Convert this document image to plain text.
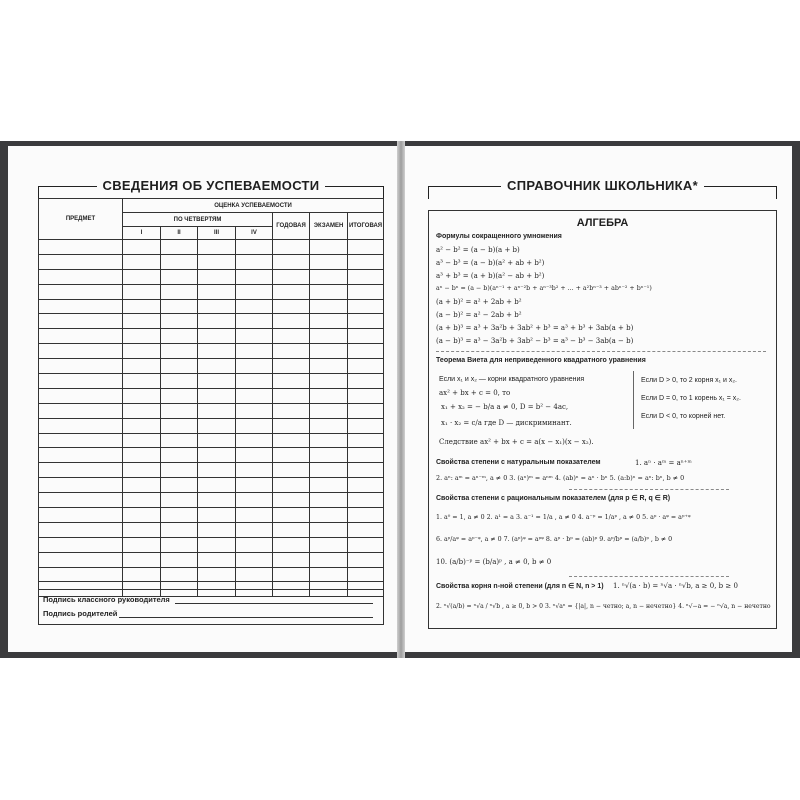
СВЕДЕНИЯ ОБ УСПЕВАЕМОСТИ
ПРЕДМЕТ	ОЦЕНКА УСПЕВАЕМОСТИ						
	ПО ЧЕТВЕРТЯМ				ГОДОВАЯ	ЭКЗАМЕН	ИТОГОВАЯ
	I	II	III	IV			

Подпись классного руководителя
Подпись родителей
СПРАВОЧНИК ШКОЛЬНИКА*
АЛГЕБРА
Формулы сокращенного умножения
a² − b² = (a − b)(a + b)
a³ − b³ = (a − b)(a² + ab + b²)
a³ + b³ = (a + b)(a² − ab + b²)
aⁿ − bⁿ = (a − b)(aⁿ⁻¹ + aⁿ⁻²b + aⁿ⁻³b² + ... + a²bⁿ⁻³ + abⁿ⁻² + bⁿ⁻¹)
(a + b)² = a² + 2ab + b²
(a − b)² = a² − 2ab + b²
(a + b)³ = a³ + 3a²b + 3ab² + b³ = a³ + b³ + 3ab(a + b)
(a − b)³ = a³ − 3a²b + 3ab² − b³ = a³ − b³ − 3ab(a − b)
Теорема Виета для неприведенного квадратного уравнения
Если x₁ и x₂ — корни квадратного уравнения
ax² + bx + c = 0, то
x₁ + x₂ = − b/a a ≠ 0, D = b² − 4ac,
x₁ · x₂ = c/a где D — дискриминант.
Следствие ax² + bx + c = a(x − x₁)(x − x₂).
Если D > 0, то 2 корня x₁ и x₂.
Если D = 0, то 1 корень x₁ = x₂.
Если D < 0, то корней нет.
Свойства степени с натуральным показателем	1. aⁿ · aᵐ = aⁿ⁺ᵐ
2. aⁿ: aᵐ = aⁿ⁻ᵐ, a ≠ 0 3. (aⁿ)ᵐ = aⁿᵐ 4. (ab)ⁿ = aⁿ · bⁿ 5. (a:b)ⁿ = aⁿ: bⁿ, b ≠ 0
Свойства степени с рациональным показателем (для p ∈ R, q ∈ R)
1. a⁰ = 1, a ≠ 0 2. a¹ = a 3. a⁻¹ = 1/a , a ≠ 0 4. a⁻ᵖ = 1/aᵖ , a ≠ 0 5. aᵖ · aᵠ = aᵖ⁺ᵠ
6. aᵖ/aᵠ = aᵖ⁻ᵠ, a ≠ 0 7. (aᵖ)ᵠ = aᵖᵠ 8. aᵖ · bᵖ = (ab)ᵖ 9. aᵖ/bᵖ = (a/b)ᵖ , b ≠ 0
10. (a/b)⁻ᵖ = (b/a)ᵖ , a ≠ 0, b ≠ 0
Свойства корня n-ной степени (для n ∈ N, n > 1) 1. ⁿ√(a · b) = ⁿ√a · ⁿ√b, a ≥ 0, b ≥ 0
2. ⁿ√(a/b) = ⁿ√a / ⁿ√b , a ≥ 0, b > 0 3. ⁿ√aⁿ = {|a|, n − четно; a, n − нечетно} 4. ⁿ√−a = − ⁿ√a, n − нечетно
